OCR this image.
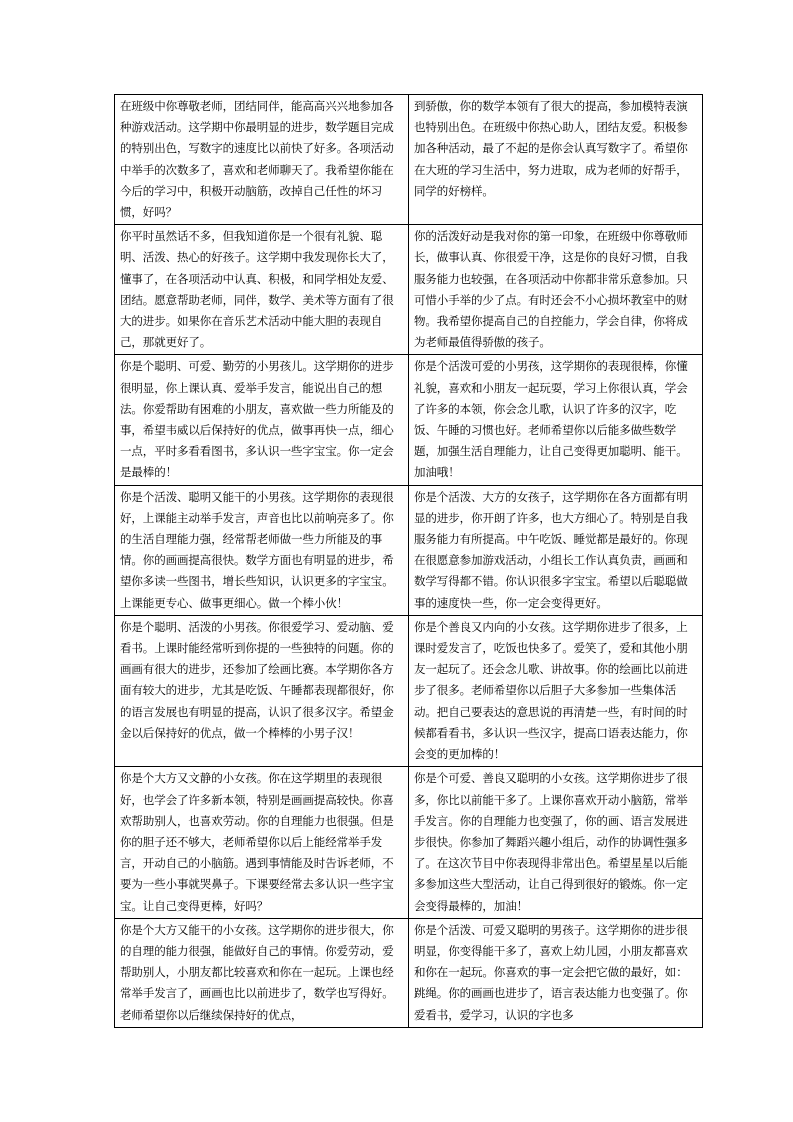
在班级中你尊敬老师，团结同伴，能高高兴兴地参加各种游戏活动。这学期中你最明显的进步，数学题目完成的特别出色，写数字的速度比以前快了好多。各项活动中举手的次数多了，喜欢和老师聊天了。我希望你能在今后的学习中，积极开动脑筋，改掉自己任性的坏习惯，好吗？	到骄傲，你的数学本领有了很大的提高，参加模特表演也特别出色。在班级中你热心助人，团结友爱。积极参加各种活动，最了不起的是你会认真写数字了。希望你在大班的学习生活中，努力进取，成为老师的好帮手，同学的好榜样。
你平时虽然话不多，但我知道你是一个很有礼貌、聪明、活泼、热心的好孩子。这学期中我发现你长大了，懂事了，在各项活动中认真、积极，和同学相处友爱、团结。愿意帮助老师，同伴，数学、美术等方面有了很大的进步。如果你在音乐艺术活动中能大胆的表现自己，那就更好了。	你的活泼好动是我对你的第一印象，在班级中你尊敬师长，做事认真、你很爱干净，这是你的良好习惯，自我服务能力也较强，在各项活动中你都非常乐意参加。只可惜小手举的少了点。有时还会不小心损坏教室中的财物。我希望你提高自己的自控能力，学会自律，你将成为老师最值得骄傲的孩子。
你是个聪明、可爱、勤劳的小男孩儿。这学期你的进步很明显，你上课认真、爱举手发言，能说出自己的想法。你爱帮助有困难的小朋友，喜欢做一些力所能及的事，希望韦威以后保持好的优点，做事再快一点，细心一点，平时多看看图书，多认识一些字宝宝。你一定会是最棒的！	你是个活泼可爱的小男孩，这学期你的表现很棒，你懂礼貌，喜欢和小朋友一起玩耍，学习上你很认真，学会了许多的本领，你会念儿歌，认识了许多的汉字，吃饭、午睡的习惯也好。老师希望你以后能多做些数学题，加强生活自理能力，让自己变得更加聪明、能干。加油哦！
你是个活泼、聪明又能干的小男孩。这学期你的表现很好，上课能主动举手发言，声音也比以前响亮多了。你的生活自理能力强，经常帮老师做一些力所能及的事情。你的画画提高很快。数学方面也有明显的进步，希望你多读一些图书，增长些知识，认识更多的字宝宝。上课能更专心、做事更细心。做一个棒小伙！	你是个活泼、大方的女孩子，这学期你在各方面都有明显的进步，你开朗了许多，也大方细心了。特别是自我服务能力有所提高。中午吃饭、睡觉都是最好的。你现在很愿意参加游戏活动，小组长工作认真负责，画画和数学写得都不错。你认识很多字宝宝。希望以后聪聪做事的速度快一些，你一定会变得更好。
你是个聪明、活泼的小男孩。你很爱学习、爱动脑、爱看书。上课时能经常听到你提的一些独特的问题。你的画画有很大的进步，还参加了绘画比赛。本学期你各方面有较大的进步，尤其是吃饭、午睡都表现都很好，你的语言发展也有明显的提高，认识了很多汉字。希望金金以后保持好的优点，做一个棒棒的小男子汉！	你是个善良又内向的小女孩。这学期你进步了很多，上课时爱发言了，吃饭也快多了。爱笑了，爱和其他小朋友一起玩了。还会念儿歌、讲故事。你的绘画比以前进步了很多。老师希望你以后胆子大多参加一些集体活动。把自己要表达的意思说的再清楚一些，有时间的时候都看看书，多认识一些汉字，提高口语表达能力，你会变的更加棒的！
你是个大方又文静的小女孩。你在这学期里的表现很好，也学会了许多新本领，特别是画画提高较快。你喜欢帮助别人，也喜欢劳动。你的自理能力也很强。但是你的胆子还不够大，老师希望你以后上能经常举手发言，开动自己的小脑筋。遇到事情能及时告诉老师，不要为一些小事就哭鼻子。下课要经常去多认识一些字宝宝。让自己变得更棒，好吗？	你是个可爱、善良又聪明的小女孩。这学期你进步了很多，你比以前能干多了。上课你喜欢开动小脑筋，常举手发言。你的自理能力也变强了，你的画、语言发展进步很快。你参加了舞蹈兴趣小组后，动作的协调性强多了。在这次节目中你表现得非常出色。希望星星以后能多参加这些大型活动，让自己得到很好的锻炼。你一定会变得最棒的，加油！
你是个大方又能干的小女孩。这学期你的进步很大，你的自理的能力很强，能做好自己的事情。你爱劳动，爱帮助别人，小朋友都比较喜欢和你在一起玩。上课也经常举手发言了，画画也比以前进步了，数学也写得好。老师希望你以后继续保持好的优点，	你是个活泼、可爱又聪明的男孩子。这学期你的进步很明显，你变得能干多了，喜欢上幼儿园，小朋友都喜欢和你在一起玩。你喜欢的事一定会把它做的最好，如：跳绳。你的画画也进步了，语言表达能力也变强了。你爱看书，爱学习，认识的字也多
